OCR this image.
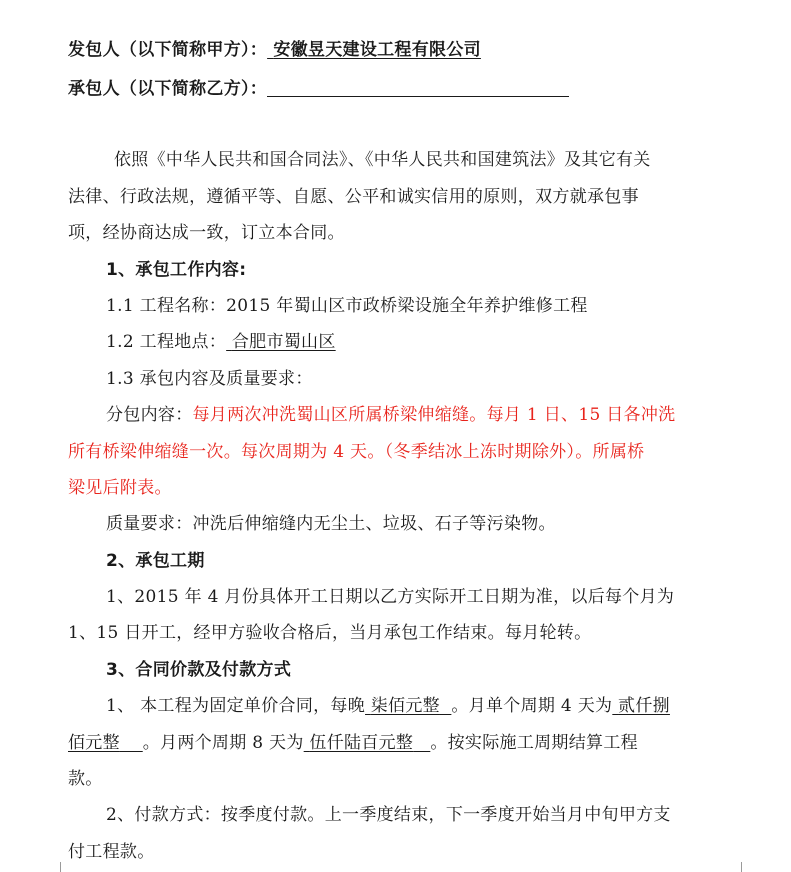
发包人（以下简称甲方）： 安徽昱天建设工程有限公司
承包人（以下简称乙方）：
依照《中华人民共和国合同法》、《中华人民共和国建筑法》及其它有关
法律、行政法规，遵循平等、自愿、公平和诚实信用的原则，双方就承包事
项，经协商达成一致，订立本合同。
1、承包工作内容:
1.1 工程名称：2015 年蜀山区市政桥梁设施全年养护维修工程
1.2 工程地点： 合肥市蜀山区
1.3 承包内容及质量要求：
分包内容：每月两次冲洗蜀山区所属桥梁伸缩缝。每月 1 日、15 日各冲洗
所有桥梁伸缩缝一次。每次周期为 4 天。（冬季结冰上冻时期除外）。所属桥
梁见后附表。
质量要求：冲洗后伸缩缝内无尘土、垃圾、石子等污染物。
2、承包工期
1、2015 年 4 月份具体开工日期以乙方实际开工日期为准，以后每个月为
1、15 日开工，经甲方验收合格后，当月承包工作结束。每月轮转。
3、合同价款及付款方式
1、 本工程为固定单价合同，每晚 柒佰元整 。月单个周期 4 天为 贰仟捌
佰元整 。月两个周期 8 天为 伍仟陆百元整 。按实际施工周期结算工程
款。
2、付款方式：按季度付款。上一季度结束，下一季度开始当月中旬甲方支
付工程款。
